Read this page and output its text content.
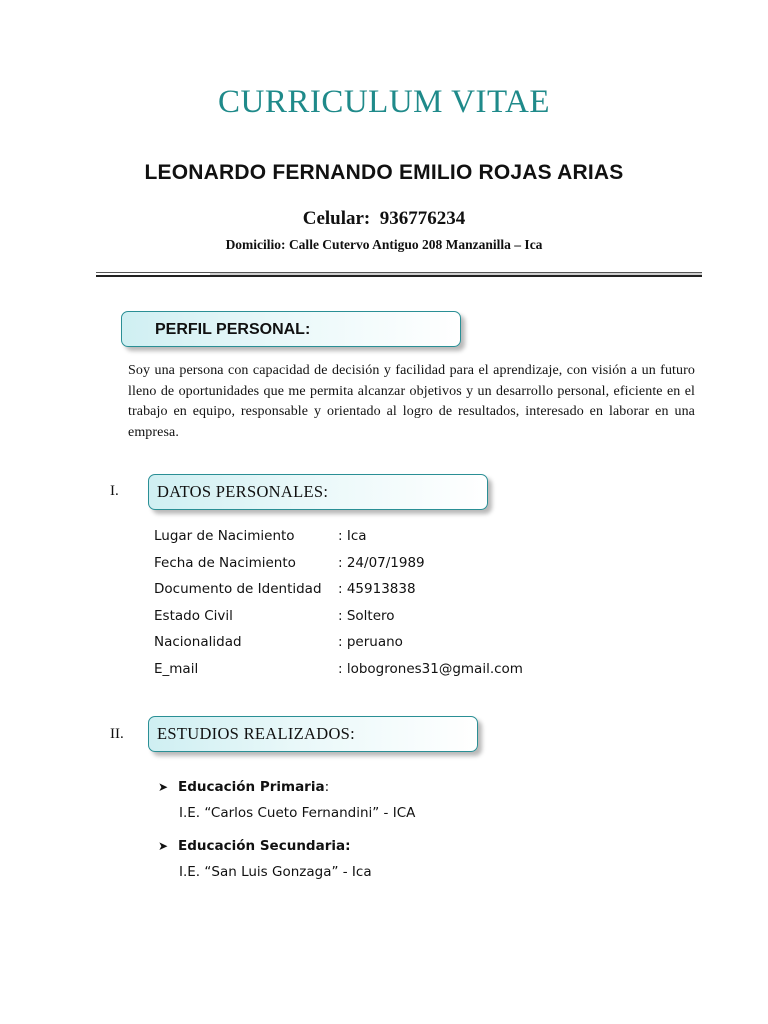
CURRICULUM VITAE
LEONARDO FERNANDO EMILIO ROJAS ARIAS
Celular: 936776234
Domicilio: Calle Cutervo Antiguo 208 Manzanilla – Ica
PERFIL PERSONAL:
Soy una persona con capacidad de decisión y facilidad para el aprendizaje, con visión a un futuro lleno de oportunidades que me permita alcanzar objetivos y un desarrollo personal, eficiente en el trabajo en equipo, responsable y orientado al logro de resultados, interesado en laborar en una empresa.
I. DATOS PERSONALES:
Lugar de Nacimiento	: Ica
Fecha de Nacimiento	: 24/07/1989
Documento de Identidad : 45913838
Estado Civil	: Soltero
Nacionalidad	: peruano
E_mail	: lobogrones31@gmail.com
II. ESTUDIOS REALIZADOS:
➤ Educación Primaria:
I.E. “Carlos Cueto Fernandini” - ICA
➤ Educación Secundaria:
I.E. “San Luis Gonzaga” - Ica
